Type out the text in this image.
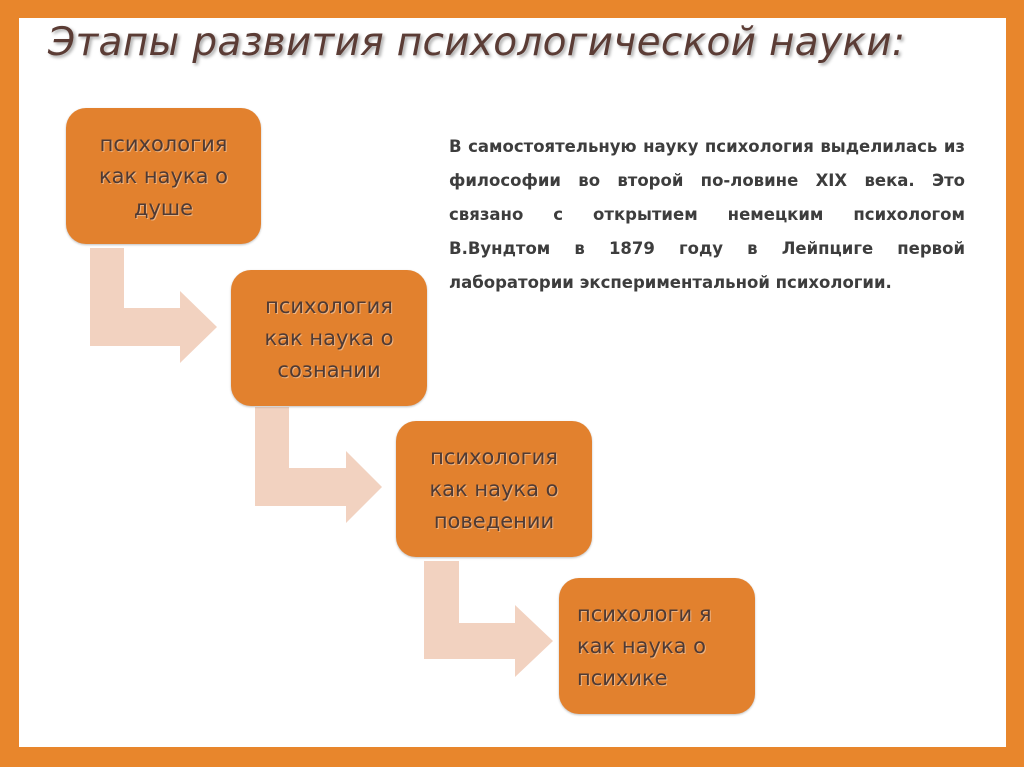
Этапы развития психологической науки:
психология как наука о душе
психология как наука о сознании
психология как наука о поведении
психологи я как наука о психике
В самостоятельную науку психология выделилась из философии во второй по-ловине XIX века. Это связано с открытием немецким психологом В.Вундтом в 1879 году в Лейпциге первой лаборатории экспериментальной психологии.
